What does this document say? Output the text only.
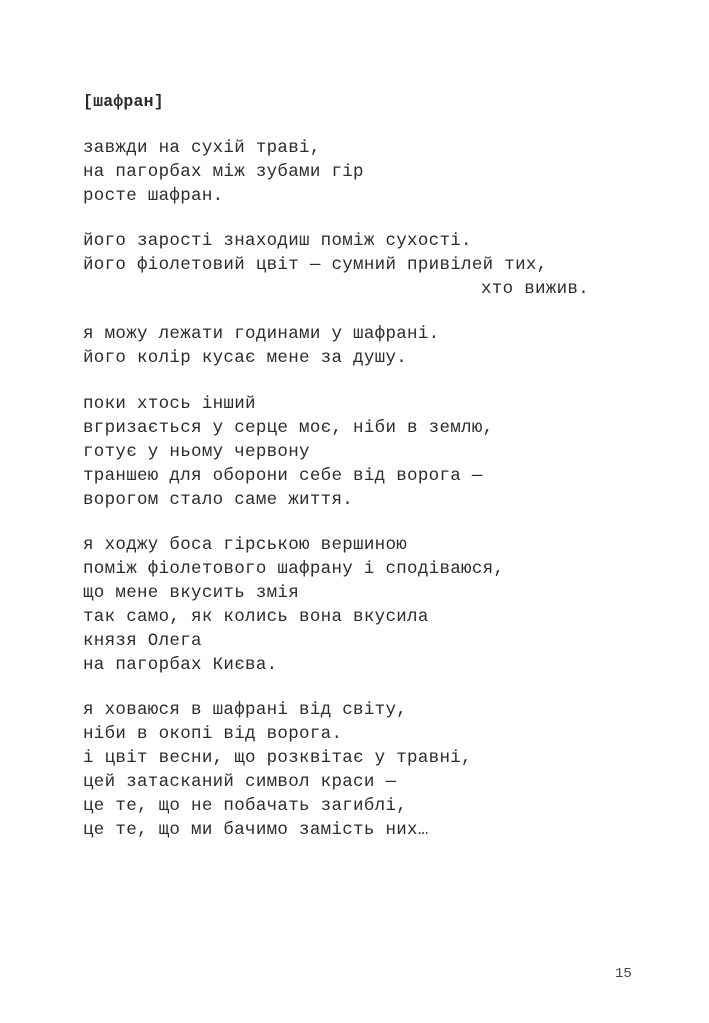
[шафран]
завжди на сухій траві,
на пагорбах між зубами гір
росте шафран.
його зарості знаходиш поміж сухості.
його фіолетовий цвіт — сумний привілей тих,
хто вижив.
я можу лежати годинами у шафрані.
його колір кусає мене за душу.
поки хтось інший
вгризається у серце моє, ніби в землю,
готує у ньому червону
траншею для оборони себе від ворога —
ворогом стало саме життя.
я ходжу боса гірською вершиною
поміж фіолетового шафрану і сподіваюся,
що мене вкусить змія
так само, як колись вона вкусила
князя Олега
на пагорбах Києва.
я ховаюся в шафрані від світу,
ніби в окопі від ворога.
і цвіт весни, що розквітає у травні,
цей затасканий символ краси —
це те, що не побачать загиблі,
це те, що ми бачимо замість них…
15
